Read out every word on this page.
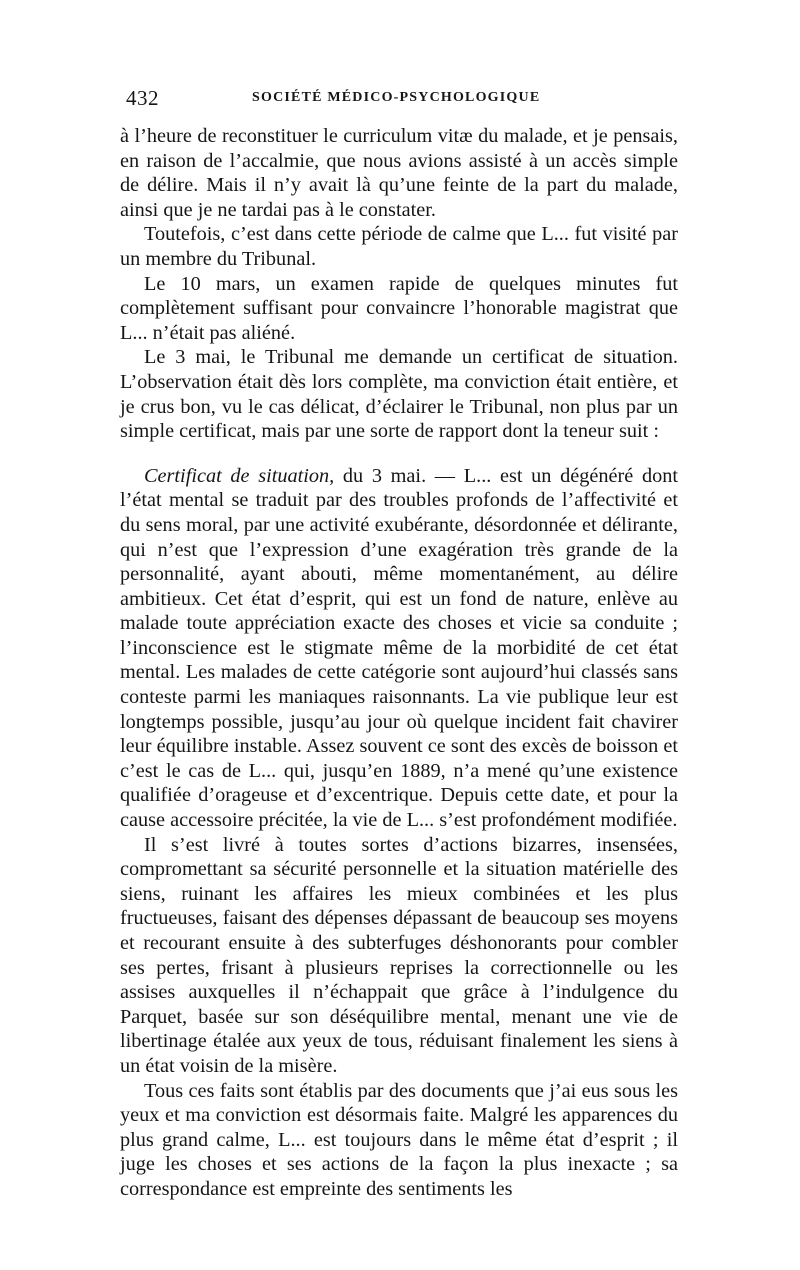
432	SOCIÉTÉ MÉDICO-PSYCHOLOGIQUE

à l’heure de reconstituer le curriculum vitæ du malade, et je pensais, en raison de l’accalmie, que nous avions assisté à un accès simple de délire. Mais il n’y avait là qu’une feinte de la part du malade, ainsi que je ne tardai pas à le constater.

Toutefois, c’est dans cette période de calme que L... fut visité par un membre du Tribunal.

Le 10 mars, un examen rapide de quelques minutes fut complètement suffisant pour convaincre l’honorable magistrat que L... n’était pas aliéné.

Le 3 mai, le Tribunal me demande un certificat de situation. L’observation était dès lors complète, ma conviction était entière, et je crus bon, vu le cas délicat, d’éclairer le Tribunal, non plus par un simple certificat, mais par une sorte de rapport dont la teneur suit :

Certificat de situation, du 3 mai. — L... est un dégénéré dont l’état mental se traduit par des troubles profonds de l’affectivité et du sens moral, par une activité exubérante, désordonnée et délirante, qui n’est que l’expression d’une exagération très grande de la personnalité, ayant abouti, même momentanément, au délire ambitieux. Cet état d’esprit, qui est un fond de nature, enlève au malade toute appréciation exacte des choses et vicie sa conduite ; l’inconscience est le stigmate même de la morbidité de cet état mental. Les malades de cette catégorie sont aujourd’hui classés sans conteste parmi les maniaques raisonnants. La vie publique leur est longtemps possible, jusqu’au jour où quelque incident fait chavirer leur équilibre instable. Assez souvent ce sont des excès de boisson et c’est le cas de L... qui, jusqu’en 1889, n’a mené qu’une existence qualifiée d’orageuse et d’excentrique. Depuis cette date, et pour la cause accessoire précitée, la vie de L... s’est profondément modifiée.

Il s’est livré à toutes sortes d’actions bizarres, insensées, compromettant sa sécurité personnelle et la situation matérielle des siens, ruinant les affaires les mieux combinées et les plus fructueuses, faisant des dépenses dépassant de beaucoup ses moyens et recourant ensuite à des subterfuges déshonorants pour combler ses pertes, frisant à plusieurs reprises la correctionnelle ou les assises auxquelles il n’échappait que grâce à l’indulgence du Parquet, basée sur son déséquilibre mental, menant une vie de libertinage étalée aux yeux de tous, réduisant finalement les siens à un état voisin de la misère.

Tous ces faits sont établis par des documents que j’ai eus sous les yeux et ma conviction est désormais faite. Malgré les apparences du plus grand calme, L... est toujours dans le même état d’esprit ; il juge les choses et ses actions de la façon la plus inexacte ; sa correspondance est empreinte des sentiments les
